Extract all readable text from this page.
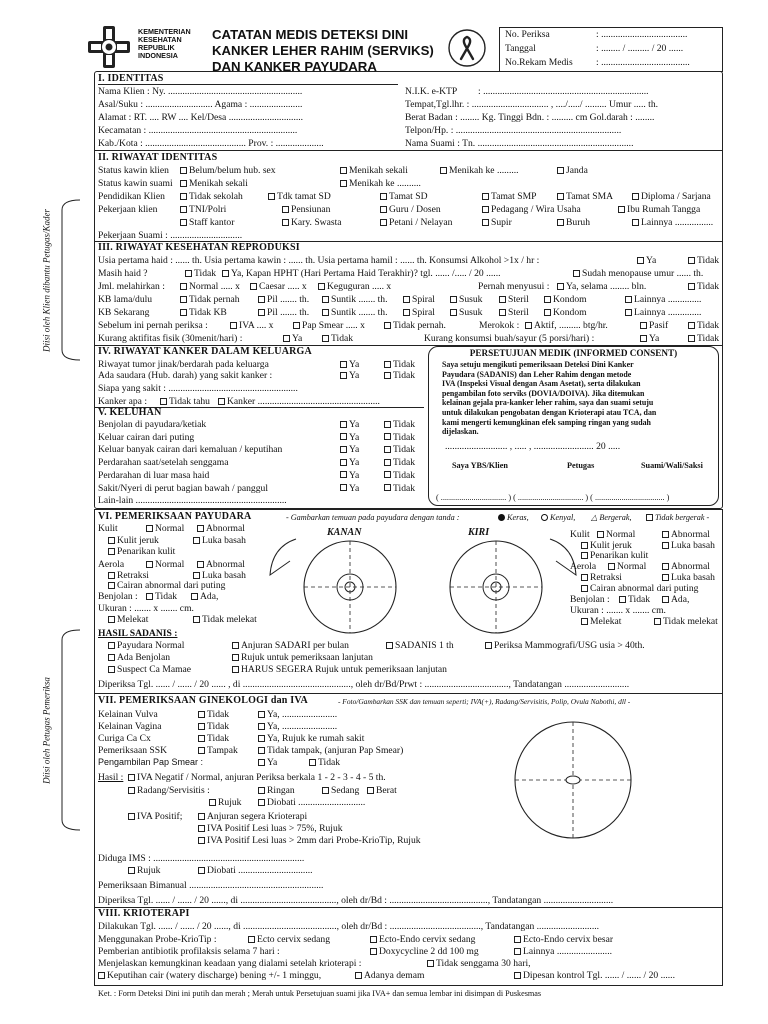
KEMENTERIAN
KESEHATAN
REPUBLIK
INDONESIA
CATATAN MEDIS DETEKSI DINI
KANKER LEHER RAHIM (SERVIKS)
DAN KANKER PAYUDARA
No. Periksa	: ....................................
Tanggal	: ........ / ......... / 20 ......
No.Rekam Medis : .....................................
Diisi oleh Klien dibantu Petugas/Kader
Diisi oleh Petugas Pemeriksa
I. IDENTITAS
Nama Klien : Ny. ........................................................
Asal/Suku : ............................ Agama : ......................
Alamat : RT. .... RW .... Kel/Desa ...............................
Kecamatan : ..............................................................
Kab./Kota : .......................................... Prov. : ....................
N.I.K. e-KTP : .....................................................................
Tempat,Tgl.lhr. : ................................ , ..../...../ ......... Umur ..... th.
Berat Badan : ........ Kg. Tinggi Bdn. : ......... cm Gol.darah : ........
Telpon/Hp. : .....................................................................
Nama Suami : Tn. .................................................................
II. RIWAYAT IDENTITAS
Status kawin klien	Belum/belum hub. sex	Menikah sekali	Menikah ke .........	Janda
Status kawin suami	Menikah sekali	Menikah ke ..........
Pendidikan Klien	Tidak sekolah	Tdk tamat SD	Tamat SD	Tamat SMP	Tamat SMA	Diploma / Sarjana
Pekerjaan klien	TNI/Polri	Pensiunan	Guru / Dosen	Pedagang / Wira Usaha	Ibu Rumah Tangga
Staff kantor	Kary. Swasta	Petani / Nelayan	Supir	Buruh	Lainnya ................
Pekerjaan Suami : ..............................
III. RIWAYAT KESEHATAN REPRODUKSI
Usia pertama haid : ...... th. Usia pertama kawin : ...... th. Usia pertama hamil : ...... th. Konsumsi Alkohol >1x / hr :	Ya	Tidak
Masih haid ?	Tidak	Ya, Kapan HPHT (Hari Pertama Haid Terakhir)? tgl. ...... /..... / 20 ......	Sudah menopause umur ...... th.
Jml. melahirkan :	Normal ..... x	Caesar ..... x	Keguguran ..... x	Pernah menyusui :	Ya, selama ........ bln.	Tidak
KB lama/dulu	Tidak pernah	Pil ....... th.	Suntik ....... th.	Spiral	Susuk	Steril	Kondom	Lainnya ..............
KB Sekarang	Tidak KB	Pil ....... th.	Suntik ....... th.	Spiral	Susuk	Steril	Kondom	Lainnya ..............
Sebelum ini pernah periksa :	IVA .... x	Pap Smear ..... x	Tidak pernah.	Merokok :	Aktif, ......... btg/hr.	Pasif	Tidak
Kurang aktifitas fisik (30menit/hari) :	Ya	Tidak	Kurang konsumsi buah/sayur (5 porsi/hari) :	Ya	Tidak
IV. RIWAYAT KANKER DALAM KELUARGA
Riwayat tumor jinak/berdarah pada keluarga	Ya	Tidak
Ada saudara (Hub. darah) yang sakit kanker :	Ya	Tidak
Siapa yang sakit : ......................................................
Kanker apa :	Tidak tahu	Kanker ...................................................
V. KELUHAN
Benjolan di payudara/ketiak	Ya	Tidak
Keluar cairan dari puting	Ya	Tidak
Keluar banyak cairan dari kemaluan / keputihan	Ya	Tidak
Perdarahan saat/setelah senggama	Ya	Tidak
Perdarahan di luar masa haid	Ya	Tidak
Sakit/Nyeri di perut bagian bawah / panggul	Ya	Tidak
Lain-lain ...............................................................
PERSETUJUAN MEDIK (INFORMED CONSENT)
Saya setuju mengikuti pemeriksaan Deteksi Dini Kanker
Payudara (SADANIS) dan Leher Rahim dengan metode
IVA (Inspeksi Visual dengan Asam Asetat), serta dilakukan
pengambilan foto serviks (DOVIA/DOIVA). Jika ditemukan
kelainan gejala pra-kanker leher rahim, saya dan suami setuju
untuk dilakukan pengobatan dengan Krioterapi atau TCA, dan
kami mengerti kemungkinan efek samping ringan yang sudah
dijelaskan.
.......................... , ..... , ......................... 20 .....
Saya YBS/Klien	Petugas	Suami/Wali/Saksi
( ................................ ) ( ................................ ) ( .................................. )
VI. PEMERIKSAAN PAYUDARA	- Gambarkan temuan pada payudara dengan tanda :	Keras,	Kenyal, △ Bergerak,	Tidak bergerak -
Kulit	Normal	Abnormal
Kulit jeruk	Luka basah
Penarikan kulit
Aerola	Normal	Abnormal
Retraksi	Luka basah
Cairan abnormal dari puting
Benjolan :	Tidak	Ada,
Ukuran : ....... x ....... cm.
Melekat	Tidak melekat
KANAN	KIRI	Kulit	Normal	Abnormal
Kulit jeruk	Luka basah
Penarikan kulit
Aerola	Normal	Abnormal
Retraksi	Luka basah
Cairan abnormal dari puting
Benjolan :	Tidak	Ada,
Ukuran : ....... x ....... cm.
Melekat	Tidak melekat
HASIL SADANIS :
Payudara Normal	Anjuran SADARI per bulan	SADANIS 1 th	Periksa Mammografi/USG usia > 40th.
Ada Benjolan	Rujuk untuk pemeriksaan lanjutan
Suspect Ca Mamae	HARUS SEGERA Rujuk untuk pemeriksaan lanjutan
Diperiksa Tgl. ...... / ...... / 20 ...... , di ............................................., oleh dr/Bd/Prwt : ..................................., Tandatangan ...........................
VII. PEMERIKSAAN GINEKOLOGI dan IVA	- Foto/Gambarkan SSK dan temuan seperti; IVA(+), Radang/Servisitis, Polip, Ovula Nabothi, dll -
Kelainan Vulva	Tidak	Ya, .......................
Kelainan Vagina	Tidak	Ya, .......................
Curiga Ca Cx	Tidak	Ya, Rujuk ke rumah sakit
Pemeriksaan SSK	Tampak	Tidak tampak, (anjuran Pap Smear)
Pengambilan Pap Smear :	Ya	Tidak
Hasil :	IVA Negatif / Normal, anjuran Periksa berkala 1 - 2 - 3 - 4 - 5 th.
Radang/Servisitis :	Ringan	Sedang	Berat
Rujuk	Diobati ............................
IVA Positif;	Anjuran segera Krioterapi
IVA Positif Lesi luas > 75%, Rujuk
IVA Positif Lesi luas > 2mm dari Probe-KrioTip, Rujuk
Diduga IMS : ...............................................................
Rujuk	Diobati ...............................
Pemeriksaan Bimanual ........................................................
Diperiksa Tgl. ...... / ...... / 20 ......, di ........................................, oleh dr/Bd : ........................................., Tandatangan .............................
VIII. KRIOTERAPI
Dilakukan Tgl. ...... / ...... / 20 ......, di ......................................., oleh dr/Bd : ......................................, Tandatangan ..........................
Menggunakan Probe-KrioTip :	Ecto cervix sedang	Ecto-Endo cervix sedang	Ecto-Endo cervix besar
Pemberian antibiotik profilaksis selama 7 hari :	Doxycycline 2 dd 100 mg	Lainnya .......................
Menjelaskan kemungkinan keadaan yang dialami setelah krioterapi :	Tidak senggama 30 hari,
Keputihan cair (watery discharge) bening +/- 1 minggu,	Adanya demam	Dipesan kontrol Tgl. ...... / ...... / 20 ......
Ket. : Form Deteksi Dini ini putih dan merah ; Merah untuk Persetujuan suami jika IVA+ dan semua lembar ini disimpan di Puskesmas
